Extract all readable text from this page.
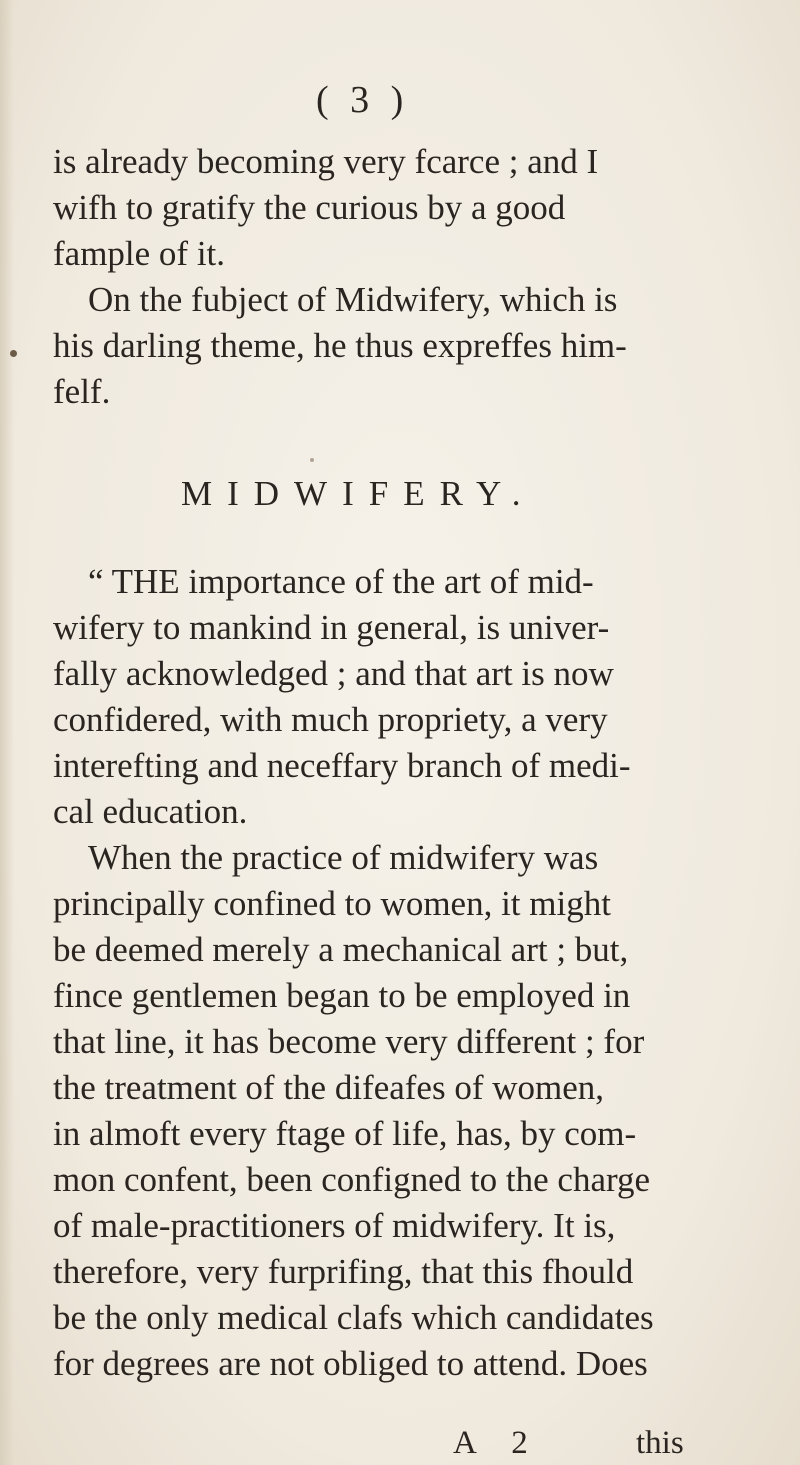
( 3 )

is already becoming very fcarce ; and I

wifh to gratify the curious by a good

fample of it.

On the fubject of Midwifery, which is

his darling theme, he thus expreffes him-

felf.

MIDWIFERY.

“ THE importance of the art of mid-

wifery to mankind in general, is univer-

fally acknowledged ; and that art is now

confidered, with much propriety, a very

interefting and neceffary branch of medi-

cal education.

When the practice of midwifery was

principally confined to women, it might

be deemed merely a mechanical art ; but,

fince gentlemen began to be employed in

that line, it has become very different ; for

the treatment of the difeafes of women,

in almoft every ftage of life, has, by com-

mon confent, been configned to the charge

of male-practitioners of midwifery. It is,

therefore, very furprifing, that this fhould

be the only medical clafs which candidates

for degrees are not obliged to attend. Does

A 2	this
